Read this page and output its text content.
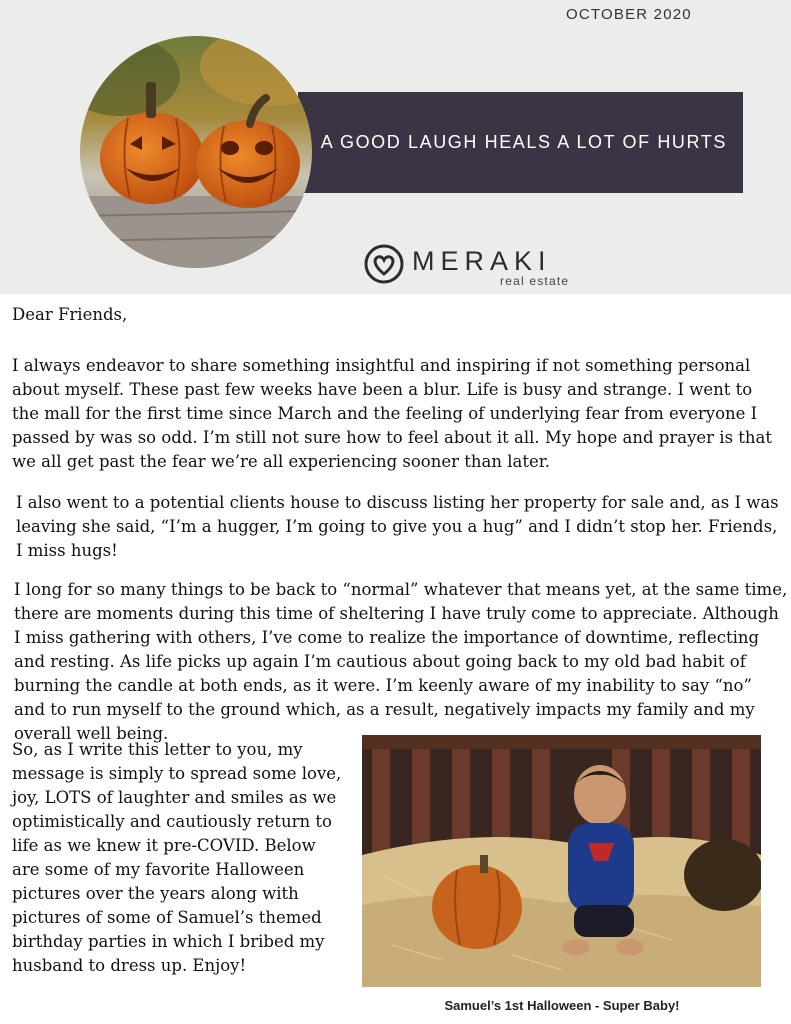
OCTOBER 2020
A GOOD LAUGH HEALS A LOT OF HURTS
MERAKI
real estate

Dear Friends,

I always endeavor to share something insightful and inspiring if not something personal about myself. These past few weeks have been a blur. Life is busy and strange. I went to the mall for the first time since March and the feeling of underlying fear from everyone I passed by was so odd. I’m still not sure how to feel about it all. My hope and prayer is that we all get past the fear we’re all experiencing sooner than later.

I also went to a potential clients house to discuss listing her property for sale and, as I was leaving she said, “I’m a hugger, I’m going to give you a hug” and I didn’t stop her. Friends, I miss hugs!

I long for so many things to be back to “normal” whatever that means yet, at the same time, there are moments during this time of sheltering I have truly come to appreciate. Although I miss gathering with others, I’ve come to realize the importance of downtime, reflecting and resting. As life picks up again I’m cautious about going back to my old bad habit of burning the candle at both ends, as it were. I’m keenly aware of my inability to say “no” and to run myself to the ground which, as a result, negatively impacts my family and my overall well being.

So, as I write this letter to you, my message is simply to spread some love, joy, LOTS of laughter and smiles as we optimistically and cautiously return to life as we knew it pre-COVID. Below are some of my favorite Halloween pictures over the years along with pictures of some of Samuel’s themed birthday parties in which I bribed my husband to dress up. Enjoy!

Samuel’s 1st Halloween - Super Baby!
